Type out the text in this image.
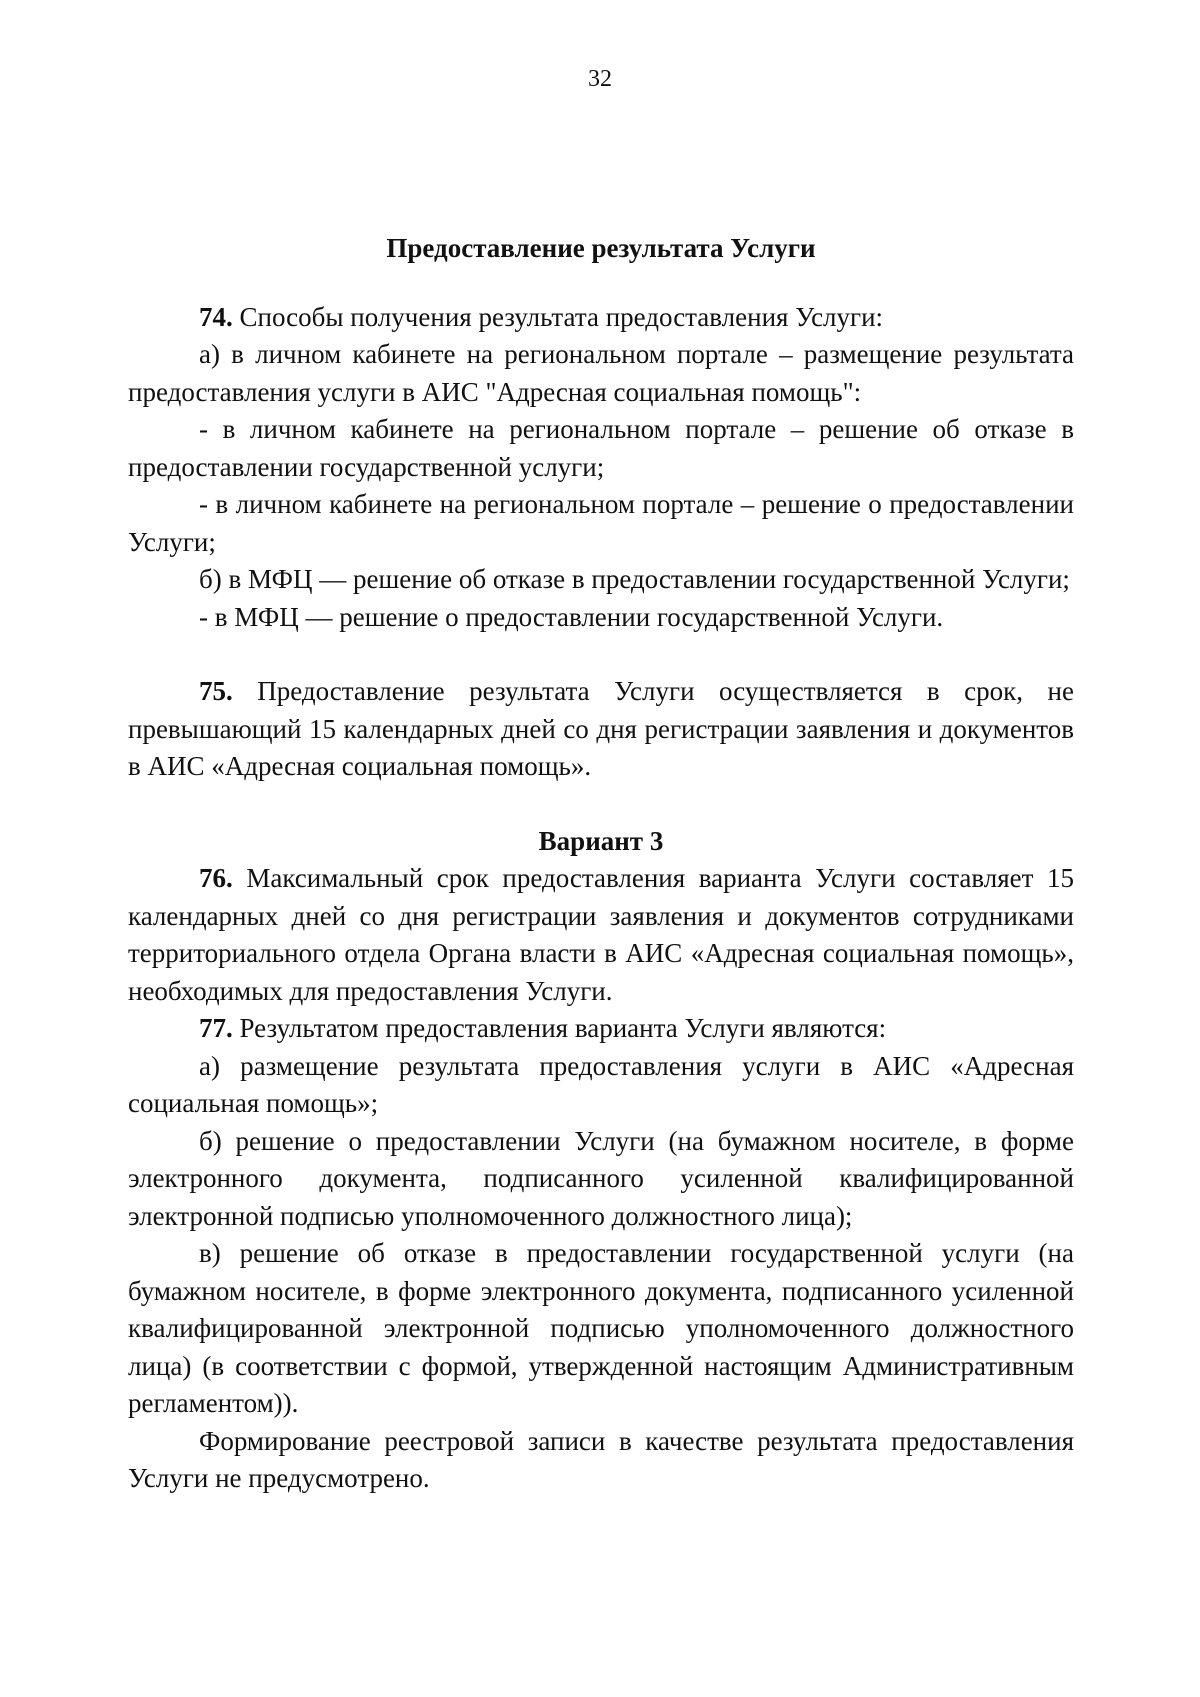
32

Предоставление результата Услуги

74. Способы получения результата предоставления Услуги:

а) в личном кабинете на региональном портале – размещение результата предоставления услуги в АИС "Адресная социальная помощь":

- в личном кабинете на региональном портале – решение об отказе в предоставлении государственной услуги;

- в личном кабинете на региональном портале – решение о предоставлении Услуги;

б) в МФЦ — решение об отказе в предоставлении государственной Услуги;

- в МФЦ — решение о предоставлении государственной Услуги.

75. Предоставление результата Услуги осуществляется в срок, не превышающий 15 календарных дней со дня регистрации заявления и документов в АИС «Адресная социальная помощь».

Вариант 3

76. Максимальный срок предоставления варианта Услуги составляет 15 календарных дней со дня регистрации заявления и документов сотрудниками территориального отдела Органа власти в АИС «Адресная социальная помощь», необходимых для предоставления Услуги.

77. Результатом предоставления варианта Услуги являются:

а) размещение результата предоставления услуги в АИС «Адресная социальная помощь»;

б) решение о предоставлении Услуги (на бумажном носителе, в форме электронного документа, подписанного усиленной квалифицированной электронной подписью уполномоченного должностного лица);

в) решение об отказе в предоставлении государственной услуги (на бумажном носителе, в форме электронного документа, подписанного усиленной квалифицированной электронной подписью уполномоченного должностного лица) (в соответствии с формой, утвержденной настоящим Административным регламентом)).

Формирование реестровой записи в качестве результата предоставления Услуги не предусмотрено.
